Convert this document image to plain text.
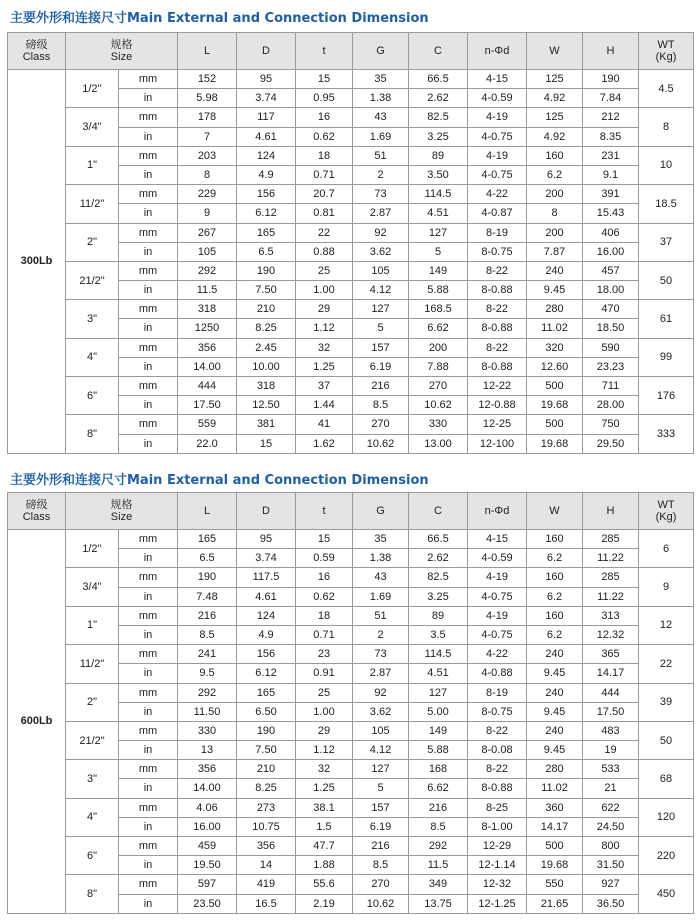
主要外形和连接尺寸Main External and Connection Dimension
磅级
Class	规格
Size		L	D	t	G	C	n-Φd	W	H	WT
(Kg)

300Lb	1/2''	mm	152	95	15	35	66.5	4-15	125	190	4.5
		in	5.98	3.74	0.95	1.38	2.62	4-0.59	4.92	7.84	
	3/4"	mm	178	117	16	43	82.5	4-19	125	212	8
		in	7	4.61	0.62	1.69	3.25	4-0.75	4.92	8.35	
	1"	mm	203	124	18	51	89	4-19	160	231	10
		in	8	4.9	0.71	2	3.50	4-0.75	6.2	9.1	
	11/2"	mm	229	156	20.7	73	114.5	4-22	200	391	18.5
		in	9	6.12	0.81	2.87	4.51	4-0.87	8	15.43	
	2"	mm	267	165	22	92	127	8-19	200	406	37
		in	105	6.5	0.88	3.62	5	8-0.75	7.87	16.00	
	21/2"	mm	292	190	25	105	149	8-22	240	457	50
		in	11.5	7.50	1.00	4.12	5.88	8-0.88	9.45	18.00	
	3"	mm	318	210	29	127	168.5	8-22	280	470	61
		in	1250	8.25	1.12	5	6.62	8-0.88	11.02	18.50	
	4"	mm	356	2.45	32	157	200	8-22	320	590	99
		in	14.00	10.00	1.25	6.19	7.88	8-0.88	12.60	23.23	
	6"	mm	444	318	37	216	270	12-22	500	711	176
		in	17.50	12.50	1.44	8.5	10.62	12-0.88	19.68	28.00	
	8"	mm	559	381	41	270	330	12-25	500	750	333
		in	22.0	15	1.62	10.62	13.00	12-100	19.68	29.50	
主要外形和连接尺寸Main External and Connection Dimension
磅级
Class	规格
Size		L	D	t	G	C	n-Φd	W	H	WT
(Kg)

600Lb	1/2''	mm	165	95	15	35	66.5	4-15	160	285	6
		in	6.5	3.74	0.59	1.38	2.62	4-0.59	6.2	11.22	
	3/4"	mm	190	117.5	16	43	82.5	4-19	160	285	9
		in	7.48	4.61	0.62	1.69	3.25	4-0.75	6.2	11.22	
	1"	mm	216	124	18	51	89	4-19	160	313	12
		in	8.5	4.9	0.71	2	3.5	4-0.75	6.2	12.32	
	11/2"	mm	241	156	23	73	114.5	4-22	240	365	22
		in	9.5	6.12	0.91	2.87	4.51	4-0.88	9.45	14.17	
	2"	mm	292	165	25	92	127	8-19	240	444	39
		in	11.50	6.50	1.00	3.62	5.00	8-0.75	9.45	17.50	
	21/2"	mm	330	190	29	105	149	8-22	240	483	50
		in	13	7.50	1.12	4.12	5.88	8-0.08	9.45	19	
	3"	mm	356	210	32	127	168	8-22	280	533	68
		in	14.00	8.25	1.25	5	6.62	8-0.88	11.02	21	
	4"	mm	4.06	273	38.1	157	216	8-25	360	622	120
		in	16.00	10.75	1.5	6.19	8.5	8-1.00	14.17	24.50	
	6"	mm	459	356	47.7	216	292	12-29	500	800	220
		in	19.50	14	1.88	8.5	11.5	12-1.14	19.68	31.50	
	8"	mm	597	419	55.6	270	349	12-32	550	927	450
		in	23.50	16.5	2.19	10.62	13.75	12-1.25	21.65	36.50	
